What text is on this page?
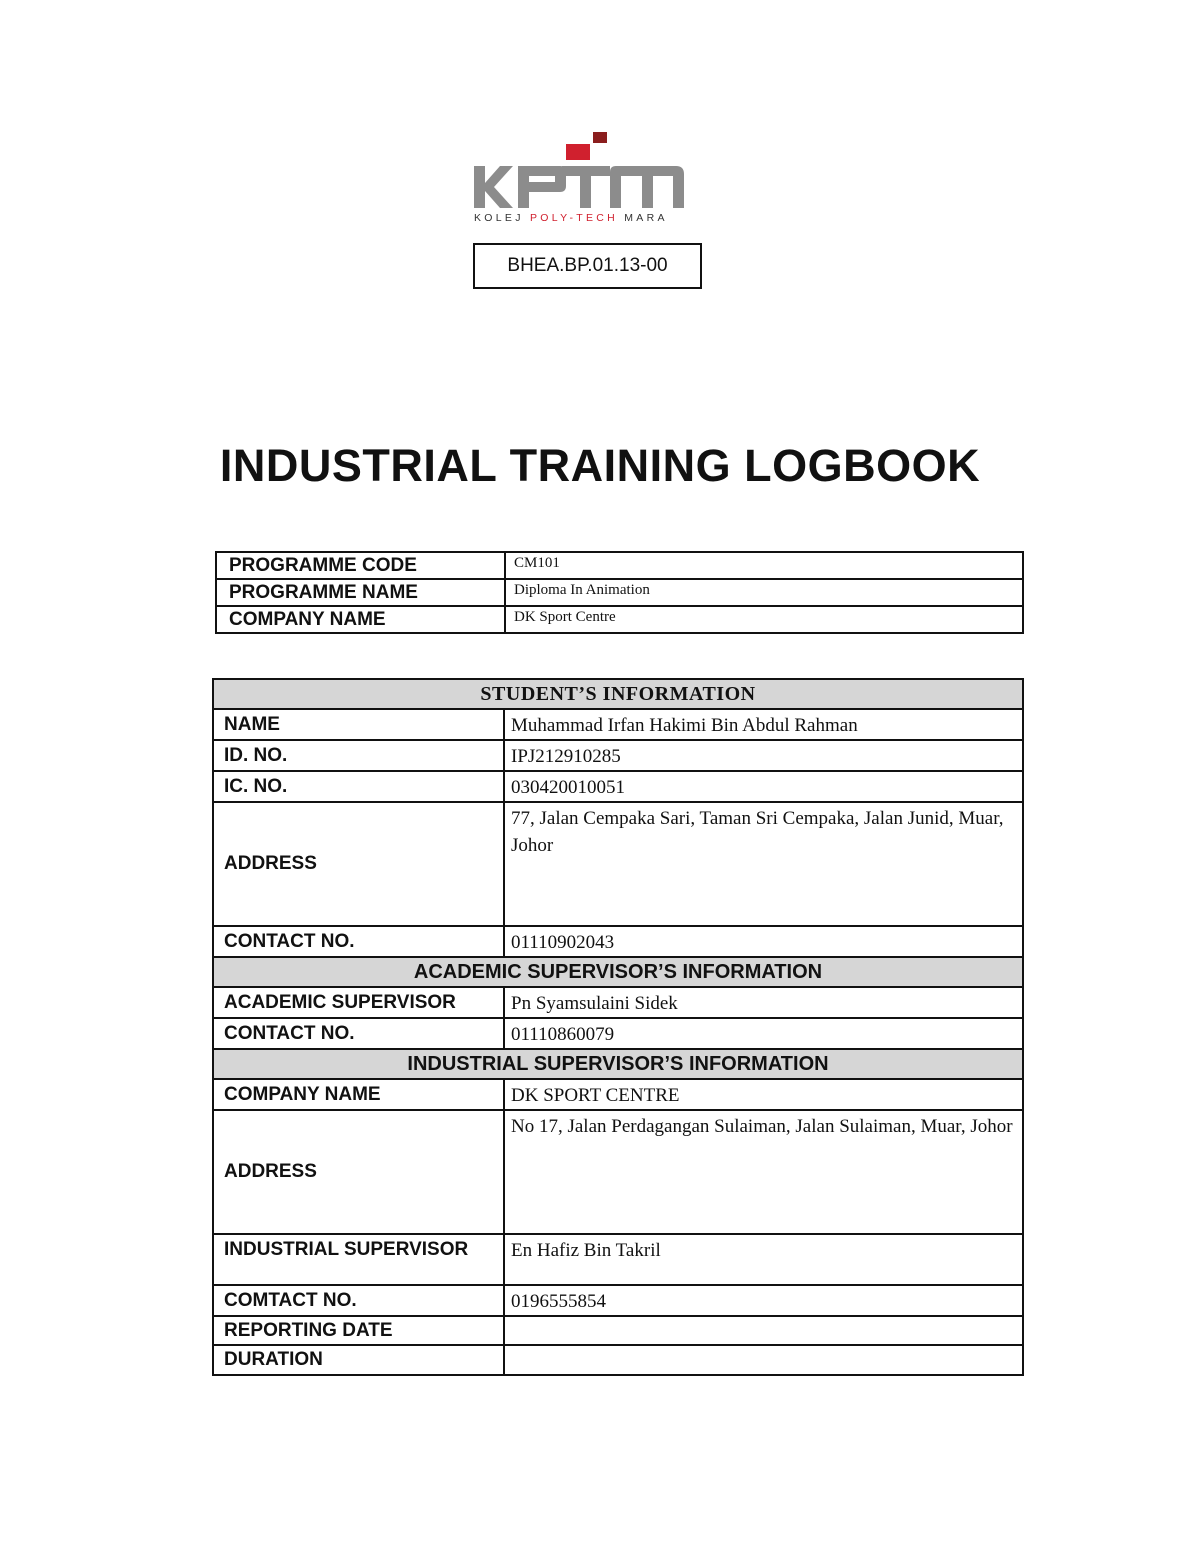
KOLEJ POLY-TECH MARA
BHEA.BP.01.13-00
INDUSTRIAL TRAINING LOGBOOK
PROGRAMME CODE	CM101
PROGRAMME NAME	Diploma In Animation
COMPANY NAME	DK Sport Centre
STUDENT’S INFORMATION	
NAME	Muhammad Irfan Hakimi Bin Abdul Rahman
ID. NO.	IPJ212910285
IC. NO.	030420010051
ADDRESS	77, Jalan Cempaka Sari, Taman Sri Cempaka, Jalan Junid, Muar, Johor
CONTACT NO.	01110902043
ACADEMIC SUPERVISOR’S INFORMATION	
ACADEMIC SUPERVISOR	Pn Syamsulaini Sidek
CONTACT NO.	01110860079
INDUSTRIAL SUPERVISOR’S INFORMATION	
COMPANY NAME	DK SPORT CENTRE
ADDRESS	No 17, Jalan Perdagangan Sulaiman, Jalan Sulaiman, Muar, Johor
INDUSTRIAL SUPERVISOR	En Hafiz Bin Takril
COMTACT NO.	0196555854
REPORTING DATE	
DURATION	
